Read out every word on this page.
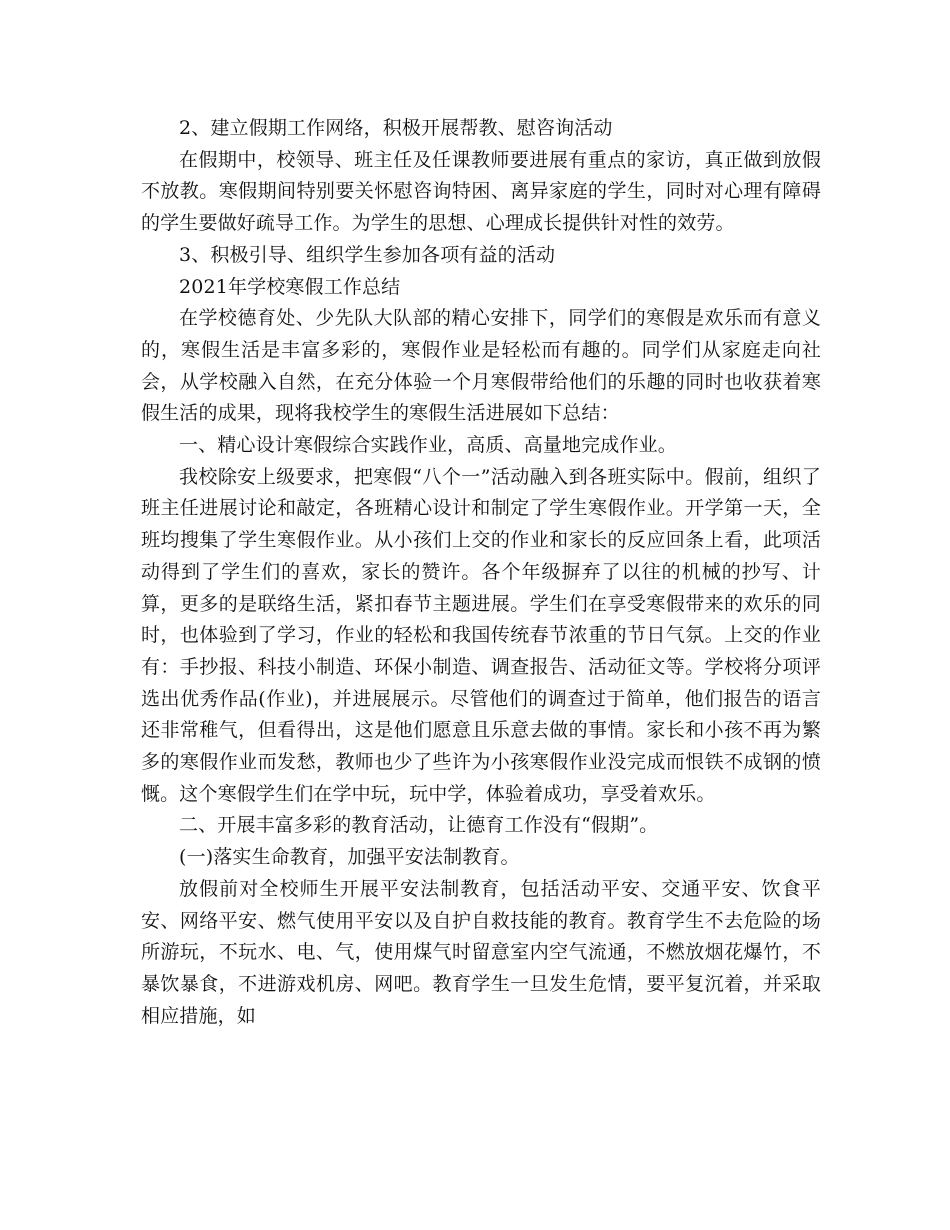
2、建立假期工作网络，积极开展帮教、慰咨询活动

在假期中，校领导、班主任及任课教师要进展有重点的家访，真正做到放假不放教。寒假期间特别要关怀慰咨询特困、离异家庭的学生，同时对心理有障碍的学生要做好疏导工作。为学生的思想、心理成长提供针对性的效劳。

3、积极引导、组织学生参加各项有益的活动

2021年学校寒假工作总结

在学校德育处、少先队大队部的精心安排下，同学们的寒假是欢乐而有意义的，寒假生活是丰富多彩的，寒假作业是轻松而有趣的。同学们从家庭走向社会，从学校融入自然，在充分体验一个月寒假带给他们的乐趣的同时也收获着寒假生活的成果，现将我校学生的寒假生活进展如下总结：

一、精心设计寒假综合实践作业，高质、高量地完成作业。

我校除安上级要求，把寒假“八个一”活动融入到各班实际中。假前，组织了班主任进展讨论和敲定，各班精心设计和制定了学生寒假作业。开学第一天，全班均搜集了学生寒假作业。从小孩们上交的作业和家长的反应回条上看，此项活动得到了学生们的喜欢，家长的赞许。各个年级摒弃了以往的机械的抄写、计算，更多的是联络生活，紧扣春节主题进展。学生们在享受寒假带来的欢乐的同时，也体验到了学习，作业的轻松和我国传统春节浓重的节日气氛。上交的作业有：手抄报、科技小制造、环保小制造、调查报告、活动征文等。学校将分项评选出优秀作品(作业)，并进展展示。尽管他们的调查过于简单，他们报告的语言还非常稚气，但看得出，这是他们愿意且乐意去做的事情。家长和小孩不再为繁多的寒假作业而发愁，教师也少了些许为小孩寒假作业没完成而恨铁不成钢的愤慨。这个寒假学生们在学中玩，玩中学，体验着成功，享受着欢乐。

二、开展丰富多彩的教育活动，让德育工作没有“假期”。

(一)落实生命教育，加强平安法制教育。

放假前对全校师生开展平安法制教育，包括活动平安、交通平安、饮食平安、网络平安、燃气使用平安以及自护自救技能的教育。教育学生不去危险的场所游玩，不玩水、电、气，使用煤气时留意室内空气流通，不燃放烟花爆竹，不暴饮暴食，不进游戏机房、网吧。教育学生一旦发生危情，要平复沉着，并采取相应措施，如
